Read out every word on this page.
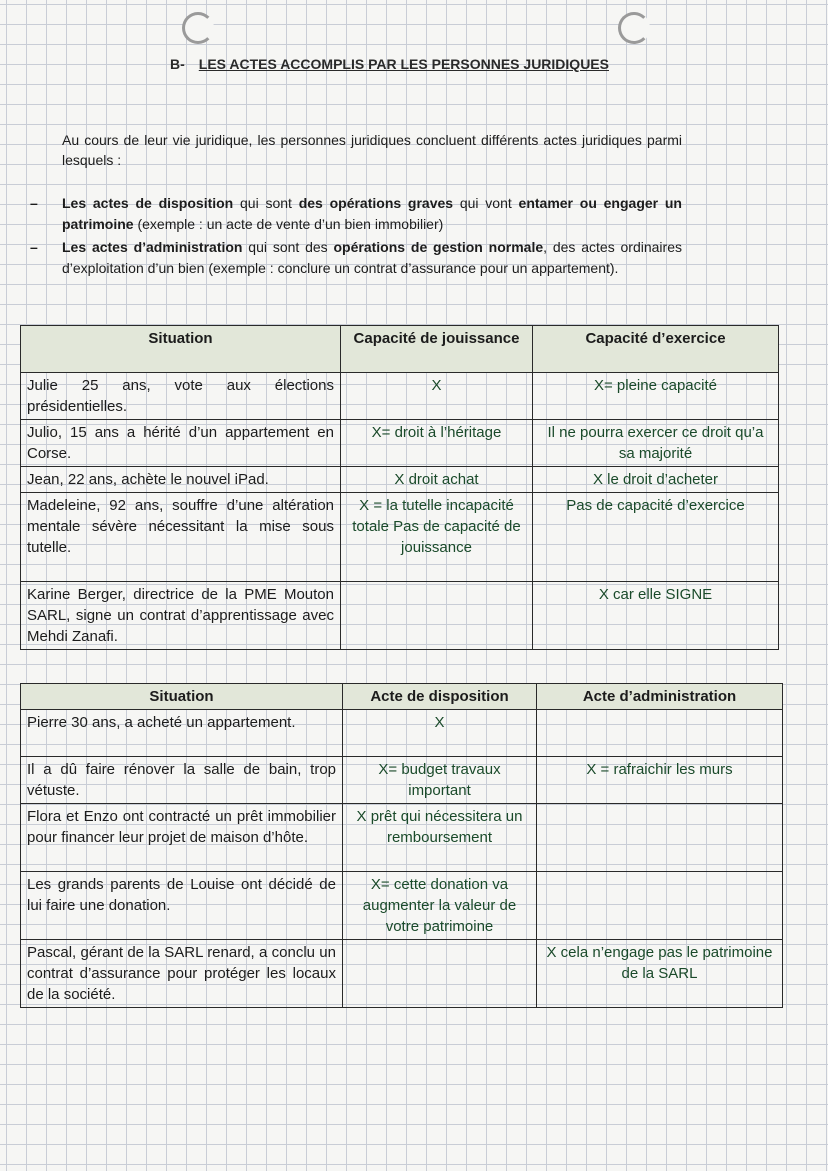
B- LES ACTES ACCOMPLIS PAR LES PERSONNES JURIDIQUES
Au cours de leur vie juridique, les personnes juridiques concluent différents actes juridiques parmi lesquels :
– Les actes de disposition qui sont des opérations graves qui vont entamer ou engager un patrimoine (exemple : un acte de vente d’un bien immobilier)
– Les actes d’administration qui sont des opérations de gestion normale, des actes ordinaires d’exploitation d’un bien (exemple : conclure un contrat d’assurance pour un appartement).
Situation	Capacité de jouissance	Capacité d’exercice
Julie 25 ans, vote aux élections présidentielles.	X	X= pleine capacité
Julio, 15 ans a hérité d’un appartement en Corse.	X= droit à l’héritage	Il ne pourra exercer ce droit qu’a sa majorité
Jean, 22 ans, achète le nouvel iPad.	X droit achat	X le droit d’acheter
Madeleine, 92 ans, souffre d’une altération mentale sévère nécessitant la mise sous tutelle.	X = la tutelle incapacité totale Pas de capacité de jouissance	Pas de capacité d’exercice
Karine Berger, directrice de la PME Mouton SARL, signe un contrat d’apprentissage avec Mehdi Zanafi.		X car elle SIGNE
Situation	Acte de disposition	Acte d’administration
Pierre 30 ans, a acheté un appartement.	X	
Il a dû faire rénover la salle de bain, trop vétuste.	X= budget travaux important	X = rafraichir les murs
Flora et Enzo ont contracté un prêt immobilier pour financer leur projet de maison d’hôte.	X prêt qui nécessitera un remboursement	
Les grands parents de Louise ont décidé de lui faire une donation.	X= cette donation va augmenter la valeur de votre patrimoine	
Pascal, gérant de la SARL renard, a conclu un contrat d’assurance pour protéger les locaux de la société.		X cela n’engage pas le patrimoine de la SARL
